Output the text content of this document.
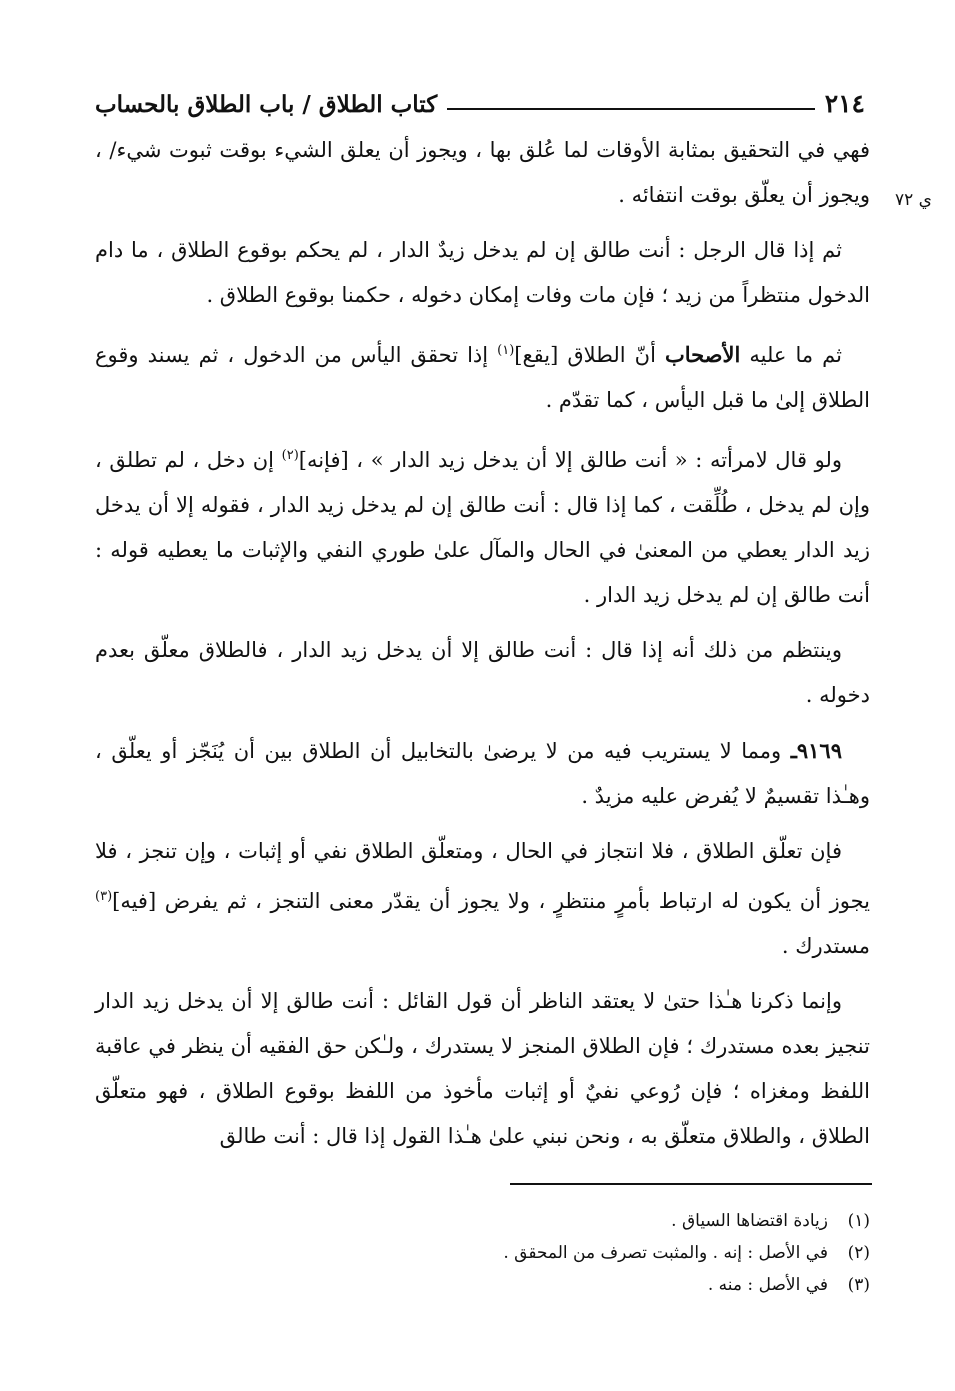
٢١٤
كتاب الطلاق / باب الطلاق بالحساب
ي ٧٢

فهي في التحقيق بمثابة الأوقات لما عُلق بها ، ويجوز أن يعلق الشيء بوقت ثبوت شيء/ ، ويجوز أن يعلّق بوقت انتفائه .

ثم إذا قال الرجل : أنت طالق إن لم يدخل زيدٌ الدار ، لم يحكم بوقوع الطلاق ، ما دام الدخول منتظراً من زيد ؛ فإن مات وفات إمكان دخوله ، حكمنا بوقوع الطلاق .

ثم ما عليه الأصحاب أنّ الطلاق [يقع]$^{(١)}$ إذا تحقق اليأس من الدخول ، ثم يسند وقوع الطلاق إلىٰ ما قبل اليأس ، كما تقدّم .

ولو قال لامرأته : « أنت طالق إلا أن يدخل زيد الدار » ، [فإنه]$^{(٢)}$ إن دخل ، لم تطلق ، وإن لم يدخل ، طُلِّقت ، كما إذا قال : أنت طالق إن لم يدخل زيد الدار ، فقوله إلا أن يدخل زيد الدار يعطي من المعنىٰ في الحال والمآل علىٰ طوري النفي والإثبات ما يعطيه قوله : أنت طالق إن لم يدخل زيد الدار .

وينتظم من ذلك أنه إذا قال : أنت طالق إلا أن يدخل زيد الدار ، فالطلاق معلّق بعدم دخوله .

٩١٦٩ـ ومما لا يستريب فيه من لا يرضىٰ بالتخابيل أن الطلاق بين أن يُنَجّز أو يعلّق ، وهـٰذا تقسيمٌ لا يُفرض عليه مزيدٌ .

فإن تعلّق الطلاق ، فلا انتجاز في الحال ، ومتعلّق الطلاق نفي أو إثبات ، وإن تنجز ، فلا يجوز أن يكون له ارتباط بأمرٍ منتظرٍ ، ولا يجوز أن يقدّر معنى التنجز ، ثم يفرض [فيه]$^{(٣)}$ مستدرك .

وإنما ذكرنا هـٰذا حتىٰ لا يعتقد الناظر أن قول القائل : أنت طالق إلا أن يدخل زيد الدار تنجيز بعده مستدرك ؛ فإن الطلاق المنجز لا يستدرك ، ولـٰكن حق الفقيه أن ينظر في عاقبة اللفظ ومغزاه ؛ فإن رُوعي نفيٌ أو إثبات مأخوذ من اللفظ بوقوع الطلاق ، فهو متعلّق الطلاق ، والطلاق متعلّق به ، ونحن نبني علىٰ هـٰذا القول إذا قال : أنت طالق

(١)
زيادة اقتضاها السياق .
(٢)
في الأصل : إنه . والمثبت تصرف من المحقق .
(٣)
في الأصل : منه .
